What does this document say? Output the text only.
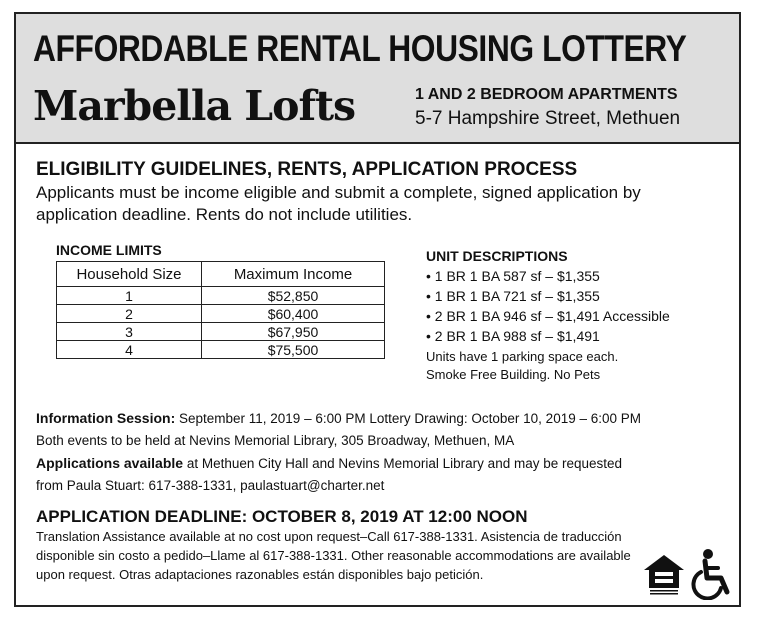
AFFORDABLE RENTAL HOUSING LOTTERY
Marbella Lofts	1 AND 2 BEDROOM APARTMENTS
5-7 Hampshire Street, Methuen
ELIGIBILITY GUIDELINES, RENTS, APPLICATION PROCESS
Applicants must be income eligible and submit a complete, signed application by application deadline. Rents do not include utilities.
INCOME LIMITS
Household Size	Maximum Income
1	$52,850
2	$60,400
3	$67,950
4	$75,500
UNIT DESCRIPTIONS
• 1 BR 1 BA 587 sf – $1,355
• 1 BR 1 BA 721 sf – $1,355
• 2 BR 1 BA 946 sf – $1,491 Accessible
• 2 BR 1 BA 988 sf – $1,491
Units have 1 parking space each.
Smoke Free Building. No Pets
Information Session: September 11, 2019 – 6:00 PM Lottery Drawing: October 10, 2019 – 6:00 PM
Both events to be held at Nevins Memorial Library, 305 Broadway, Methuen, MA
Applications available at Methuen City Hall and Nevins Memorial Library and may be requested
from Paula Stuart: 617-388-1331, paulastuart@charter.net
APPLICATION DEADLINE: OCTOBER 8, 2019 AT 12:00 NOON
Translation Assistance available at no cost upon request–Call 617-388-1331. Asistencia de traducción disponible sin costo a pedido–Llame al 617-388-1331. Other reasonable accommodations are available upon request. Otras adaptaciones razonables están disponibles bajo petición.
